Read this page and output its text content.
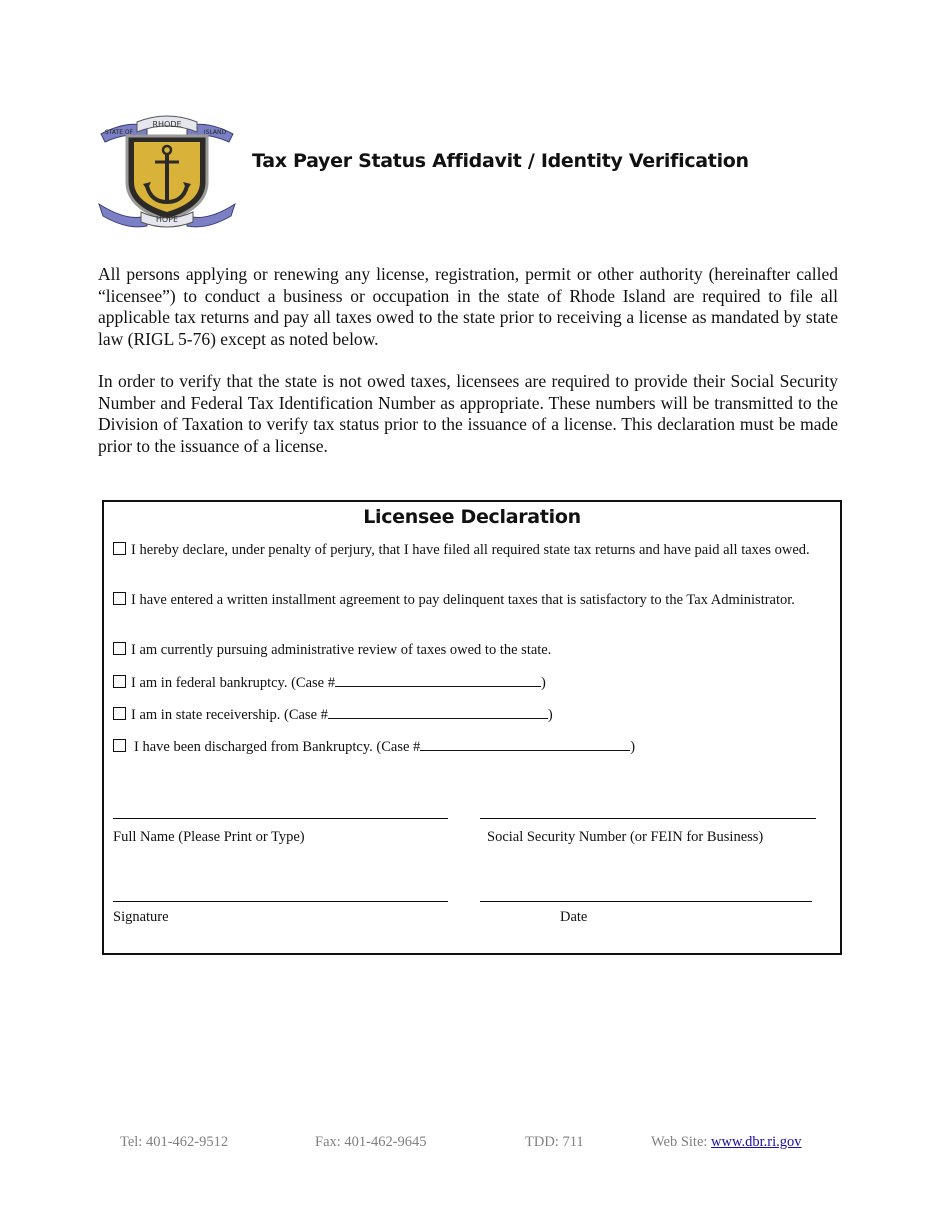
RHODE
STATE OF	ISLAND
HOPE
Tax Payer Status Affidavit / Identity Verification

All persons applying or renewing any license, registration, permit or other authority (hereinafter called “licensee”) to conduct a business or occupation in the state of Rhode Island are required to file all applicable tax returns and pay all taxes owed to the state prior to receiving a license as mandated by state law (RIGL 5-76) except as noted below.

In order to verify that the state is not owed taxes, licensees are required to provide their Social Security Number and Federal Tax Identification Number as appropriate. These numbers will be transmitted to the Division of Taxation to verify tax status prior to the issuance of a license. This declaration must be made prior to the issuance of a license.

Licensee Declaration
I hereby declare, under penalty of perjury, that I have filed all required state tax returns and have paid all taxes owed.
I have entered a written installment agreement to pay delinquent taxes that is satisfactory to the Tax Administrator.
I am currently pursuing administrative review of taxes owed to the state.
I am in federal bankruptcy. (Case #	)
I am in state receivership. (Case #	)
I have been discharged from Bankruptcy. (Case #	)
Full Name (Please Print or Type)	Social Security Number (or FEIN for Business)
Signature	Date
Tel: 401-462-9512	Fax: 401-462-9645	TDD: 711	Web Site: www.dbr.ri.gov
